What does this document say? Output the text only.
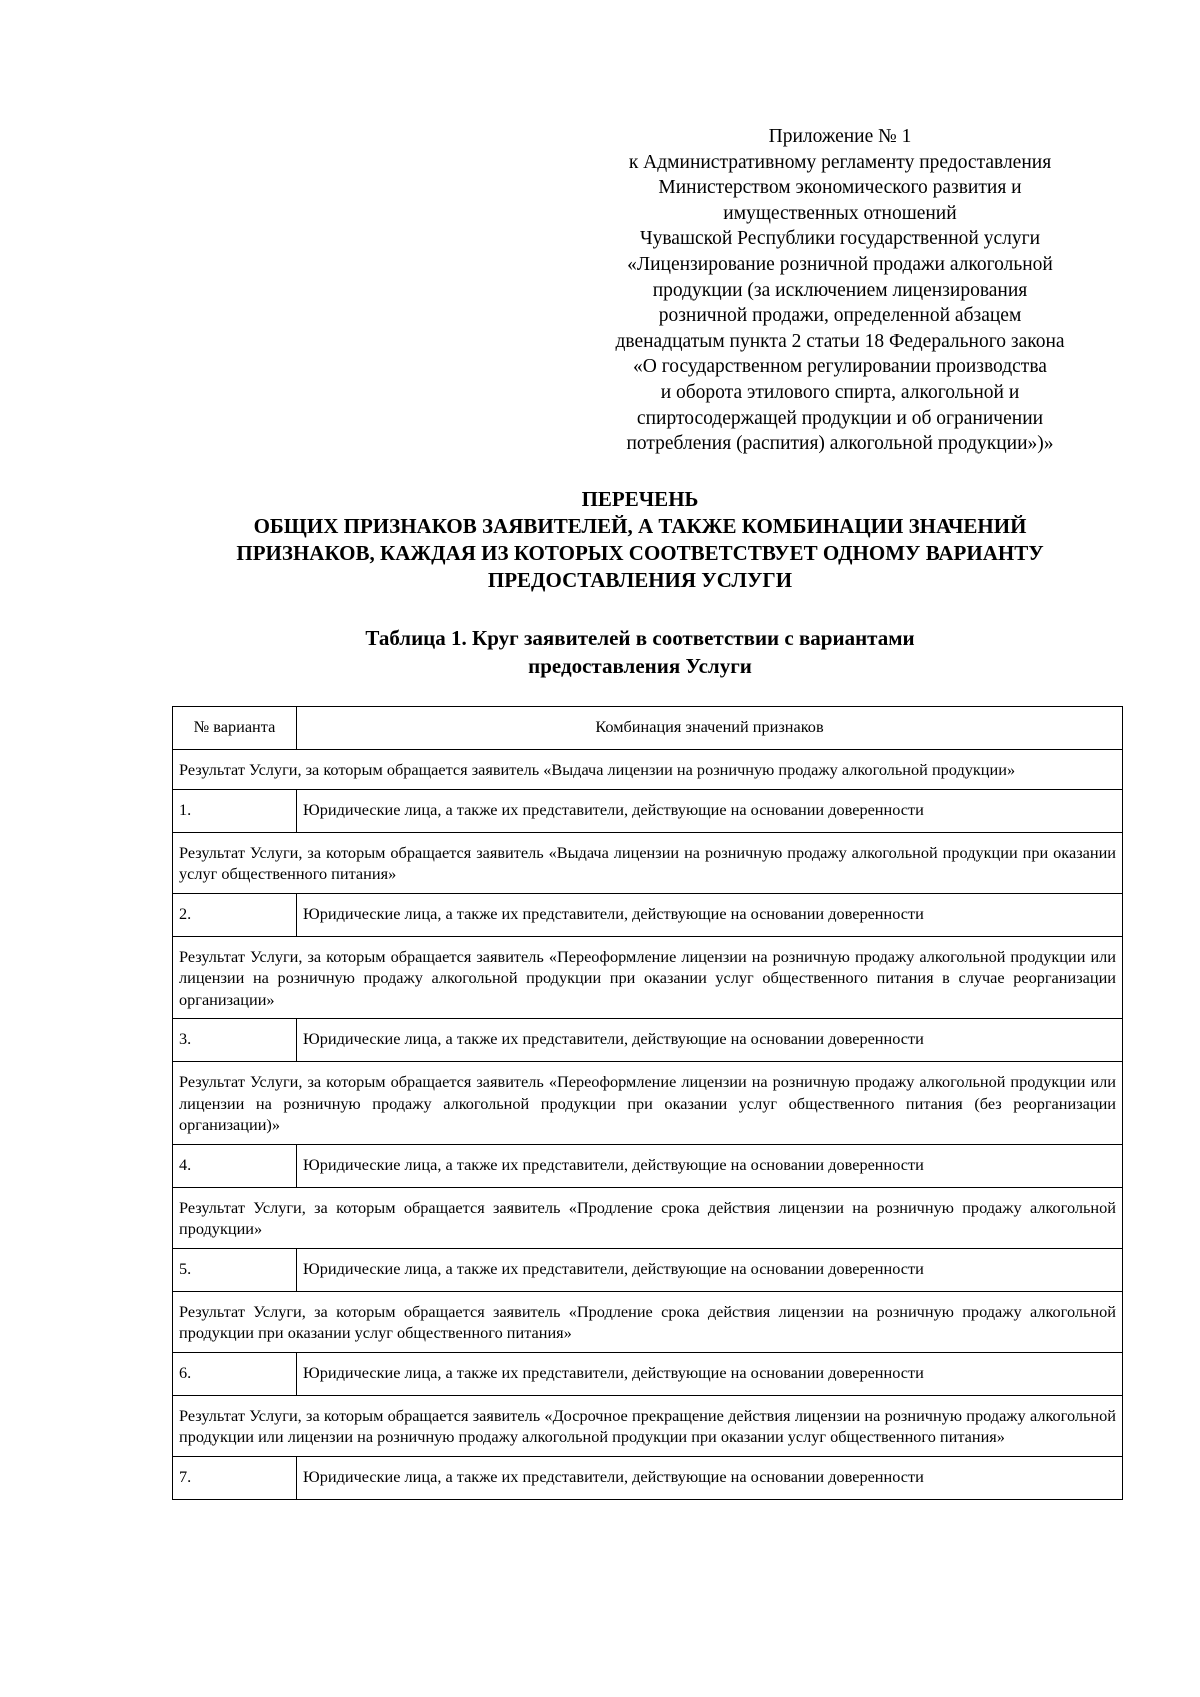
Приложение № 1
к Административному регламенту предоставления
Министерством экономического развития и
имущественных отношений
Чувашской Республики государственной услуги
«Лицензирование розничной продажи алкогольной
продукции (за исключением лицензирования
розничной продажи, определенной абзацем
двенадцатым пункта 2 статьи 18 Федерального закона
«О государственном регулировании производства
и оборота этилового спирта, алкогольной и
спиртосодержащей продукции и об ограничении
потребления (распития) алкогольной продукции»)»
ПЕРЕЧЕНЬ
ОБЩИХ ПРИЗНАКОВ ЗАЯВИТЕЛЕЙ, А ТАКЖЕ КОМБИНАЦИИ ЗНАЧЕНИЙ
ПРИЗНАКОВ, КАЖДАЯ ИЗ КОТОРЫХ СООТВЕТСТВУЕТ ОДНОМУ ВАРИАНТУ
ПРЕДОСТАВЛЕНИЯ УСЛУГИ
Таблица 1. Круг заявителей в соответствии с вариантами
предоставления Услуги
№ варианта	Комбинация значений признаков
Результат Услуги, за которым обращается заявитель «Выдача лицензии на розничную продажу алкогольной продукции»	
1.	Юридические лица, а также их представители, действующие на основании доверенности
Результат Услуги, за которым обращается заявитель «Выдача лицензии на розничную продажу алкогольной продукции при оказании услуг общественного питания»	
2.	Юридические лица, а также их представители, действующие на основании доверенности
Результат Услуги, за которым обращается заявитель «Переоформление лицензии на розничную продажу алкогольной продукции или лицензии на розничную продажу алкогольной продукции при оказании услуг общественного питания в случае реорганизации организации»	
3.	Юридические лица, а также их представители, действующие на основании доверенности
Результат Услуги, за которым обращается заявитель «Переоформление лицензии на розничную продажу алкогольной продукции или лицензии на розничную продажу алкогольной продукции при оказании услуг общественного питания (без реорганизации организации)»	
4.	Юридические лица, а также их представители, действующие на основании доверенности
Результат Услуги, за которым обращается заявитель «Продление срока действия лицензии на розничную продажу алкогольной продукции»	
5.	Юридические лица, а также их представители, действующие на основании доверенности
Результат Услуги, за которым обращается заявитель «Продление срока действия лицензии на розничную продажу алкогольной продукции при оказании услуг общественного питания»	
6.	Юридические лица, а также их представители, действующие на основании доверенности
Результат Услуги, за которым обращается заявитель «Досрочное прекращение действия лицензии на розничную продажу алкогольной продукции или лицензии на розничную продажу алкогольной продукции при оказании услуг общественного питания»	
7.	Юридические лица, а также их представители, действующие на основании доверенности
